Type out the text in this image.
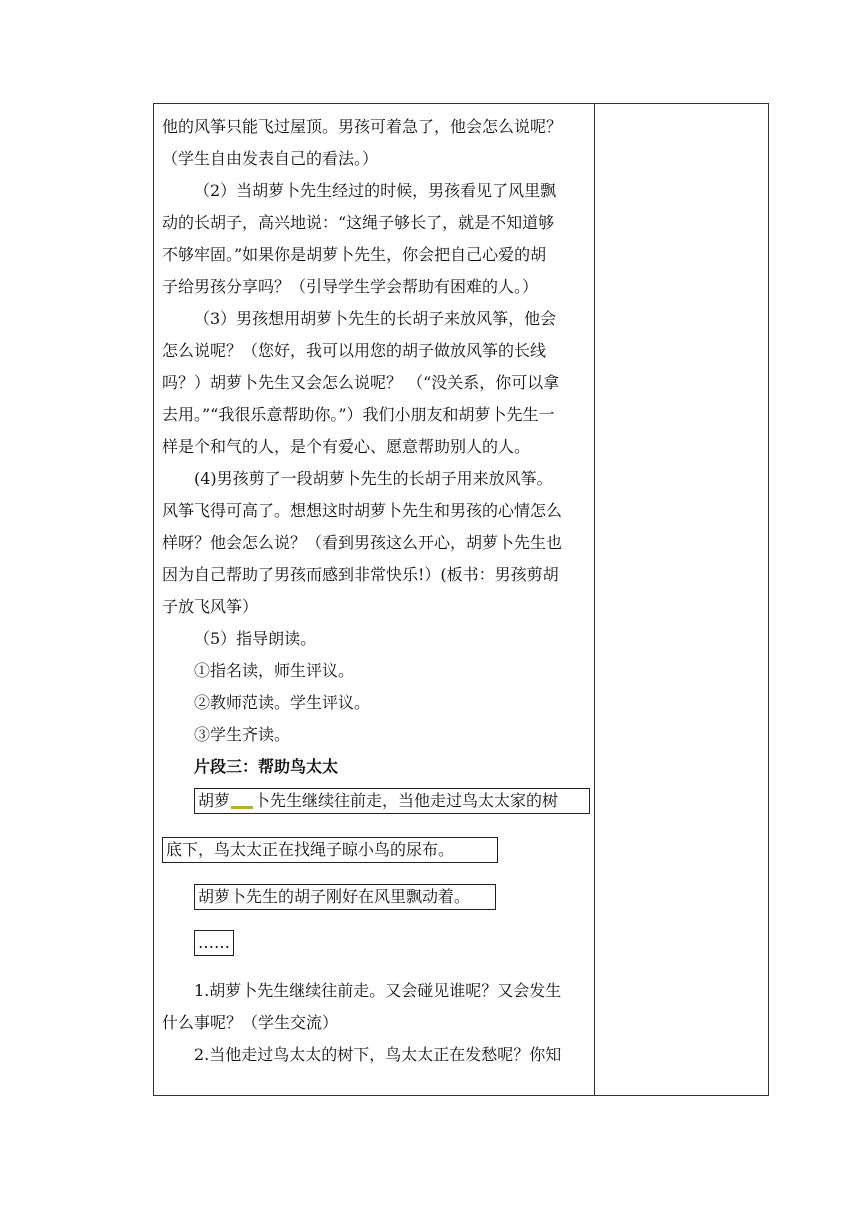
他的风筝只能飞过屋顶。男孩可着急了，他会怎么说呢？
（学生自由发表自己的看法。）
（2）当胡萝卜先生经过的时候，男孩看见了风里飘
动的长胡子，高兴地说：“这绳子够长了，就是不知道够
不够牢固。”如果你是胡萝卜先生，你会把自己心爱的胡
子给男孩分享吗？（引导学生学会帮助有困难的人。）
（3）男孩想用胡萝卜先生的长胡子来放风筝，他会
怎么说呢？（您好，我可以用您的胡子做放风筝的长线
吗？）胡萝卜先生又会怎么说呢？ （“没关系，你可以拿
去用。”“我很乐意帮助你。”）我们小朋友和胡萝卜先生一
样是个和气的人，是个有爱心、愿意帮助别人的人。
(4)男孩剪了一段胡萝卜先生的长胡子用来放风筝。
风筝飞得可高了。想想这时胡萝卜先生和男孩的心情怎么
样呀？他会怎么说？（看到男孩这么开心，胡萝卜先生也
因为自己帮助了男孩而感到非常快乐!）(板书：男孩剪胡
子放飞风筝）
（5）指导朗读。
①指名读，师生评议。
②教师范读。学生评议。
③学生齐读。
片段三：帮助鸟太太
胡萝 卜先生继续往前走，当他走过鸟太太家的树
底下，鸟太太正在找绳子晾小鸟的尿布。
胡萝卜先生的胡子刚好在风里飘动着。
……
1.胡萝卜先生继续往前走。又会碰见谁呢？又会发生
什么事呢？（学生交流）
2.当他走过鸟太太的树下，鸟太太正在发愁呢？你知
